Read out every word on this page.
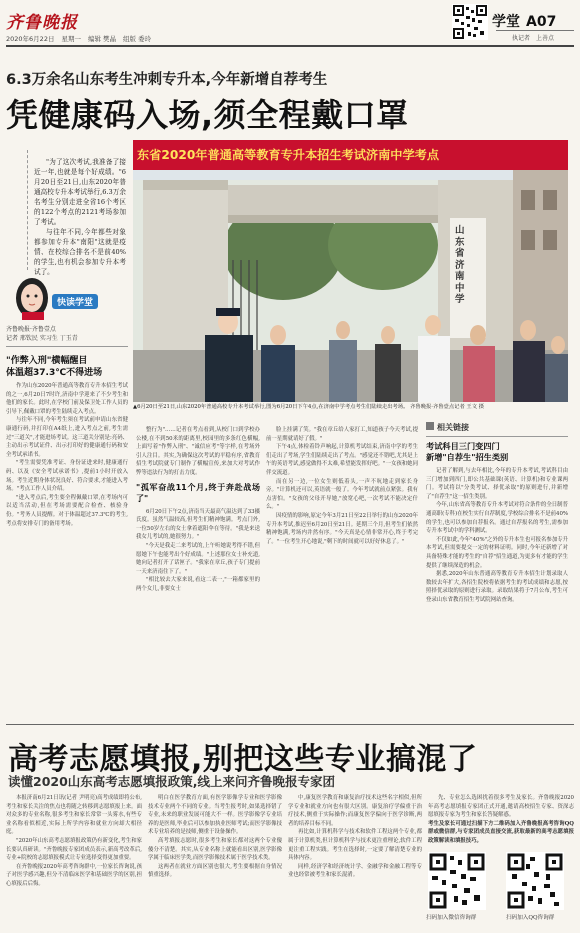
齐鲁晚报
2020年6月22日 星期一 编辑 樊晶 组版 委玲
学堂 A07
执记者 上善点
6.3万余名山东考生冲刺专升本,今年新增自荐考生
凭健康码入场,须全程戴口罩

"为了这次考试,我准备了接近一年,也就是每个好成绩。"6月20日至21日,山东2020年普通高校专升本考试举行,6.3万余名考生分别走进全省16个考区的122个考点的2121考场参加了考试。

与往年不同,今年都些对象都参加专升本"南阳"这就是疫情、在校综合排名不是前40%的学生,也有机会参加专升本考试了。

快读学堂
齐鲁晚报·齐鲁壹点
记者 邢钦民 实习生 丁玉青
东省2020年普通高等教育专升本招生考试济南中学考点
山东省济南中学
▲6月20日至21日,山东2020年普通高校专升本考试举行,图为6月20日下午4点,在济南中学考点考生们陆续走出考场。 齐鲁晚报·齐鲁壹点记者 王文 摄
"作弊入刑"横幅醒目
体温超37.3℃不得进场

作为山东2020年普通高等教育专升本招生考试的之一,6月20日7时许,济南中学迎来了不少考生和他们的家长。此时,在学校门前及保卫处工作人员的引导下,佩戴口罩的考生陆续走入考点。

与往年不同,今年考生须在考试前申请山东省健康通行码,并打印在A4纸上,进入考点之前,考生需过"三道关",才能进场考试。这三道关分别是:亮码、主动出示考试证件、出示打印好的健康通行码和安全考试承诺书。

"考生需要凭准考证、身份证进来时,健康通行码、以及《安全考试承诺书》,提前1小时开放入场。考生近期身体状况良好、符合要求,才能进入考场。"考点工作人员介绍。

"进入考点后,考生要全程佩戴口罩,在考场内可以适当活动,但在考场需要配合检查、核验身份。"考务人员提醒。对于体温超过37.3℃的考生,考点将安排专门的备用考场。

整行为"……记者在考点看到,从校门口到学校办公楼,在不到50米的距离里,校园里的多条红色横幅,上面写着"作弊入刑"、"诚信应考"等字样,在考场外引人注目。其实,为确保这次考试的平稳有序,省教育招生考试院就专门制作了横幅宣传,来加大对考试作弊等违法行为的打击力度。

"孤军奋战11个月,终于奔赴战场了"

6月20日下午2点,济南当天最高气温达到了33摄氏度。虽然气温较高,但考生们精神饱满。考点门外,一位50岁左右的女士拿着遮阳伞在等待。"我是来送我女儿考试的,她很努力。"

"今天是我走二来考试的,上午听她说考得不错,但愿她下午也能考出个好成绩。"上述那位女士补充道,她向记者打开了话匣子。"我家在章丘,孩子专门提前一天来济南住下了。"

"相比较去大家来说,看这二表一,"一箱都家里的两个女儿,非要女士

脸上挂满了笑。"我在章丘给人家打工,知道孩子今天考试,提前一星期就请好了假。"

下午4点,体检着铃声响起,计算机考试结束,济南中学的考生们走出了考场,学生们陆续走出了考点。"感觉还不错吧,尤其是上午的英语考试,感觉做得不太难,希望能发挥好吧。"一女孩和她同伴交流道。

而在另一边,一位女生则低着头,一声不吭地走到家长身旁。"计算机还可以,英语就一般了。今年考试就前点紧张。我有点害怕。"女孩的父母开导她,"放宽心吧,一次考试不能决定什么。"

因疫情的影响,原定今年3月21日至22日举行的山东2020年专升本考试,推迟至6月20日至21日。延期三个月,但考生们依然精神饱满,考场内井然有序。"今天真是心情非常开心,终于考完了。"一位考生开心地说,"剩下的时间就可以好好休息了。"

相关链接
考试科目三门变四门
新增"自荐生"招生类别

记者了解到,与去年相比,今年的专升本考试,考试科目由三门增加到四门,即公共基础课(英语、计算机)和专业课两门。考试将以"分类考试、择优录取"的原则进行,并新增了"自荐生"这一招生类别。

今年,山东省高等教育专升本考试对符合条件的全日制普通高职(专科)在校生实行自荐制度,学校综合排名不是前40%的学生,也可以参加自荐报名。通过自荐报名的考生,需参加专升本考试中的学科测试。

不仅如此,今年"40%"之外的专升本生也可报名参加专升本考试,但需要提交一定的材料证明。同时,今年还新增了对具备特殊才能的考生的"自荐"招生通道,为更多有才能的学生提供了继续深造的机会。

据悉,2020年山东普通高等教育专升本招生计划录取人数较去年扩大,各招生院校将依据考生的考试成绩和志愿,按照择优录取的原则进行录取。录取结果将于7月公布,考生可登录山东省教育招生考试院网站查询。

高考志愿填报,别把这些专业搞混了
读懂2020山东高考志愿填报政策,线上来问齐鲁晚报专家团

本报济南6月21日讯(记者 尹明亮)高考成绩即将公布,考生和家长关注的焦点也将随之转移到志愿填报上来。面对众多的专业名称,很多考生和家长常常一头雾水,有些专业名称看似相近,实际上所学内容和就业方向却大相径庭。

"2020年山东高考志愿填报政策仍有新变化,考生和家长要认真研读。"齐鲁晚报专家团成员表示,新高考改革后,专业+院校的志愿填报模式让专业选择变得更加重要。

在齐鲁晚报2020年高考咨询群中,一位家长咨询说,孩子对医学感兴趣,但分不清临床医学和基础医学的区别,担心填报后后悔。

明白在医学教育方面,有医学影像学专业和医学影像技术专业两个不同的专业。当考生报考时,如果选择错了专业,未来的职业发展可能大不一样。医学影像学专业培养的是医师,毕业后可以参加执业医师考试;而医学影像技术专业培养的是技师,侧重于设备操作。

高考填报志愿时,很多考生和家长都对这两个专业傻傻分不清楚。其实,从专业名称上就能看出区别,医学影像学属于临床医学类,而医学影像技术属于医学技术类。

这两者在就业方面区别也很大,考生要根据自身情况慎重选择。

中,康复医学教育和康复治疗技术这些名字相似,但所学专业和就业方向也有很大区别。康复治疗学偏重于治疗技术,侧重于实际操作;而康复医学偏向于医学诊断,两者的培养目标不同。

再比如,计算机科学与技术和软件工程这两个专业,都属于计算机类,但计算机科学与技术更注重理论,软件工程更注重工程实践。考生在选择时,一定要了解清楚专业的具体内容。

同样,经济学和经济统计学、金融学和金融工程等专业也经常被考生和家长混淆。

先、专业怎么选困扰着很多考生及家长。齐鲁晚报2020年高考志愿填报专家团正式开通,邀请高校招生专家、资深志愿填报专家为考生和家长答疑解惑。

考生及家长可通过扫描下方二维码加入齐鲁晚报高考咨询QQ群或微信群,与专家团成员直接交流,获取最新的高考志愿填报政策解读和填报技巧。

扫码加入微信咨询群	扫码加入QQ咨询群
